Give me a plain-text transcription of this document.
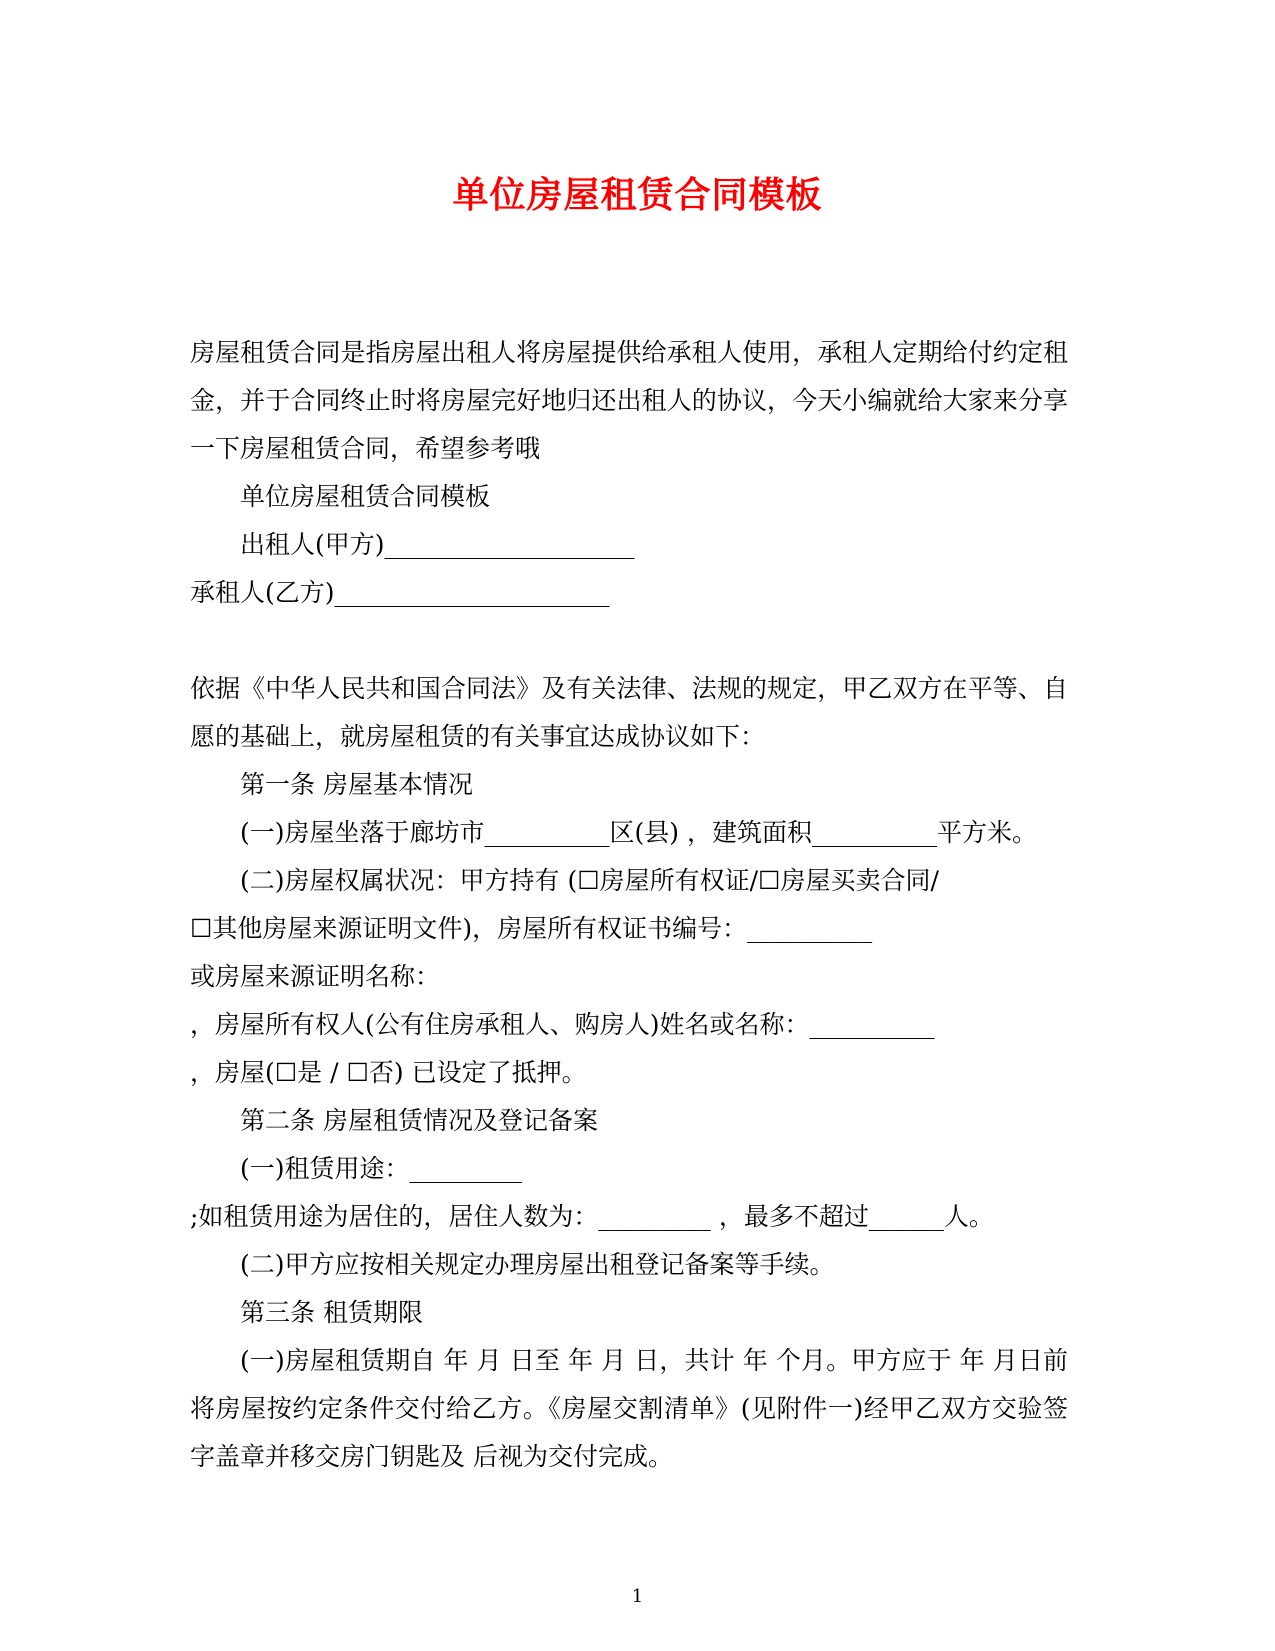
单位房屋租赁合同模板

房屋租赁合同是指房屋出租人将房屋提供给承租人使用，承租人定期给付约定租金，并于合同终止时将房屋完好地归还出租人的协议，今天小编就给大家来分享一下房屋租赁合同，希望参考哦

单位房屋租赁合同模板

出租人(甲方)____________________

承租人(乙方)______________________

依据《中华人民共和国合同法》及有关法律、法规的规定，甲乙双方在平等、自愿的基础上，就房屋租赁的有关事宜达成协议如下：

第一条 房屋基本情况

(一)房屋坐落于廊坊市__________区(县) ，建筑面积__________平方米。

(二)房屋权属状况：甲方持有 (☐房屋所有权证/☐房屋买卖合同/

☐其他房屋来源证明文件)，房屋所有权证书编号：__________

或房屋来源证明名称：

，房屋所有权人(公有住房承租人、购房人)姓名或名称：__________

，房屋(☐是 / ☐否) 已设定了抵押。

第二条 房屋租赁情况及登记备案

(一)租赁用途：_________

;如租赁用途为居住的，居住人数为：_________ ，最多不超过______人。

(二)甲方应按相关规定办理房屋出租登记备案等手续。

第三条 租赁期限

(一)房屋租赁期自 年 月 日至 年 月 日，共计 年 个月。甲方应于 年 月日前将房屋按约定条件交付给乙方。《房屋交割清单》(见附件一)经甲乙双方交验签字盖章并移交房门钥匙及 后视为交付完成。

1
